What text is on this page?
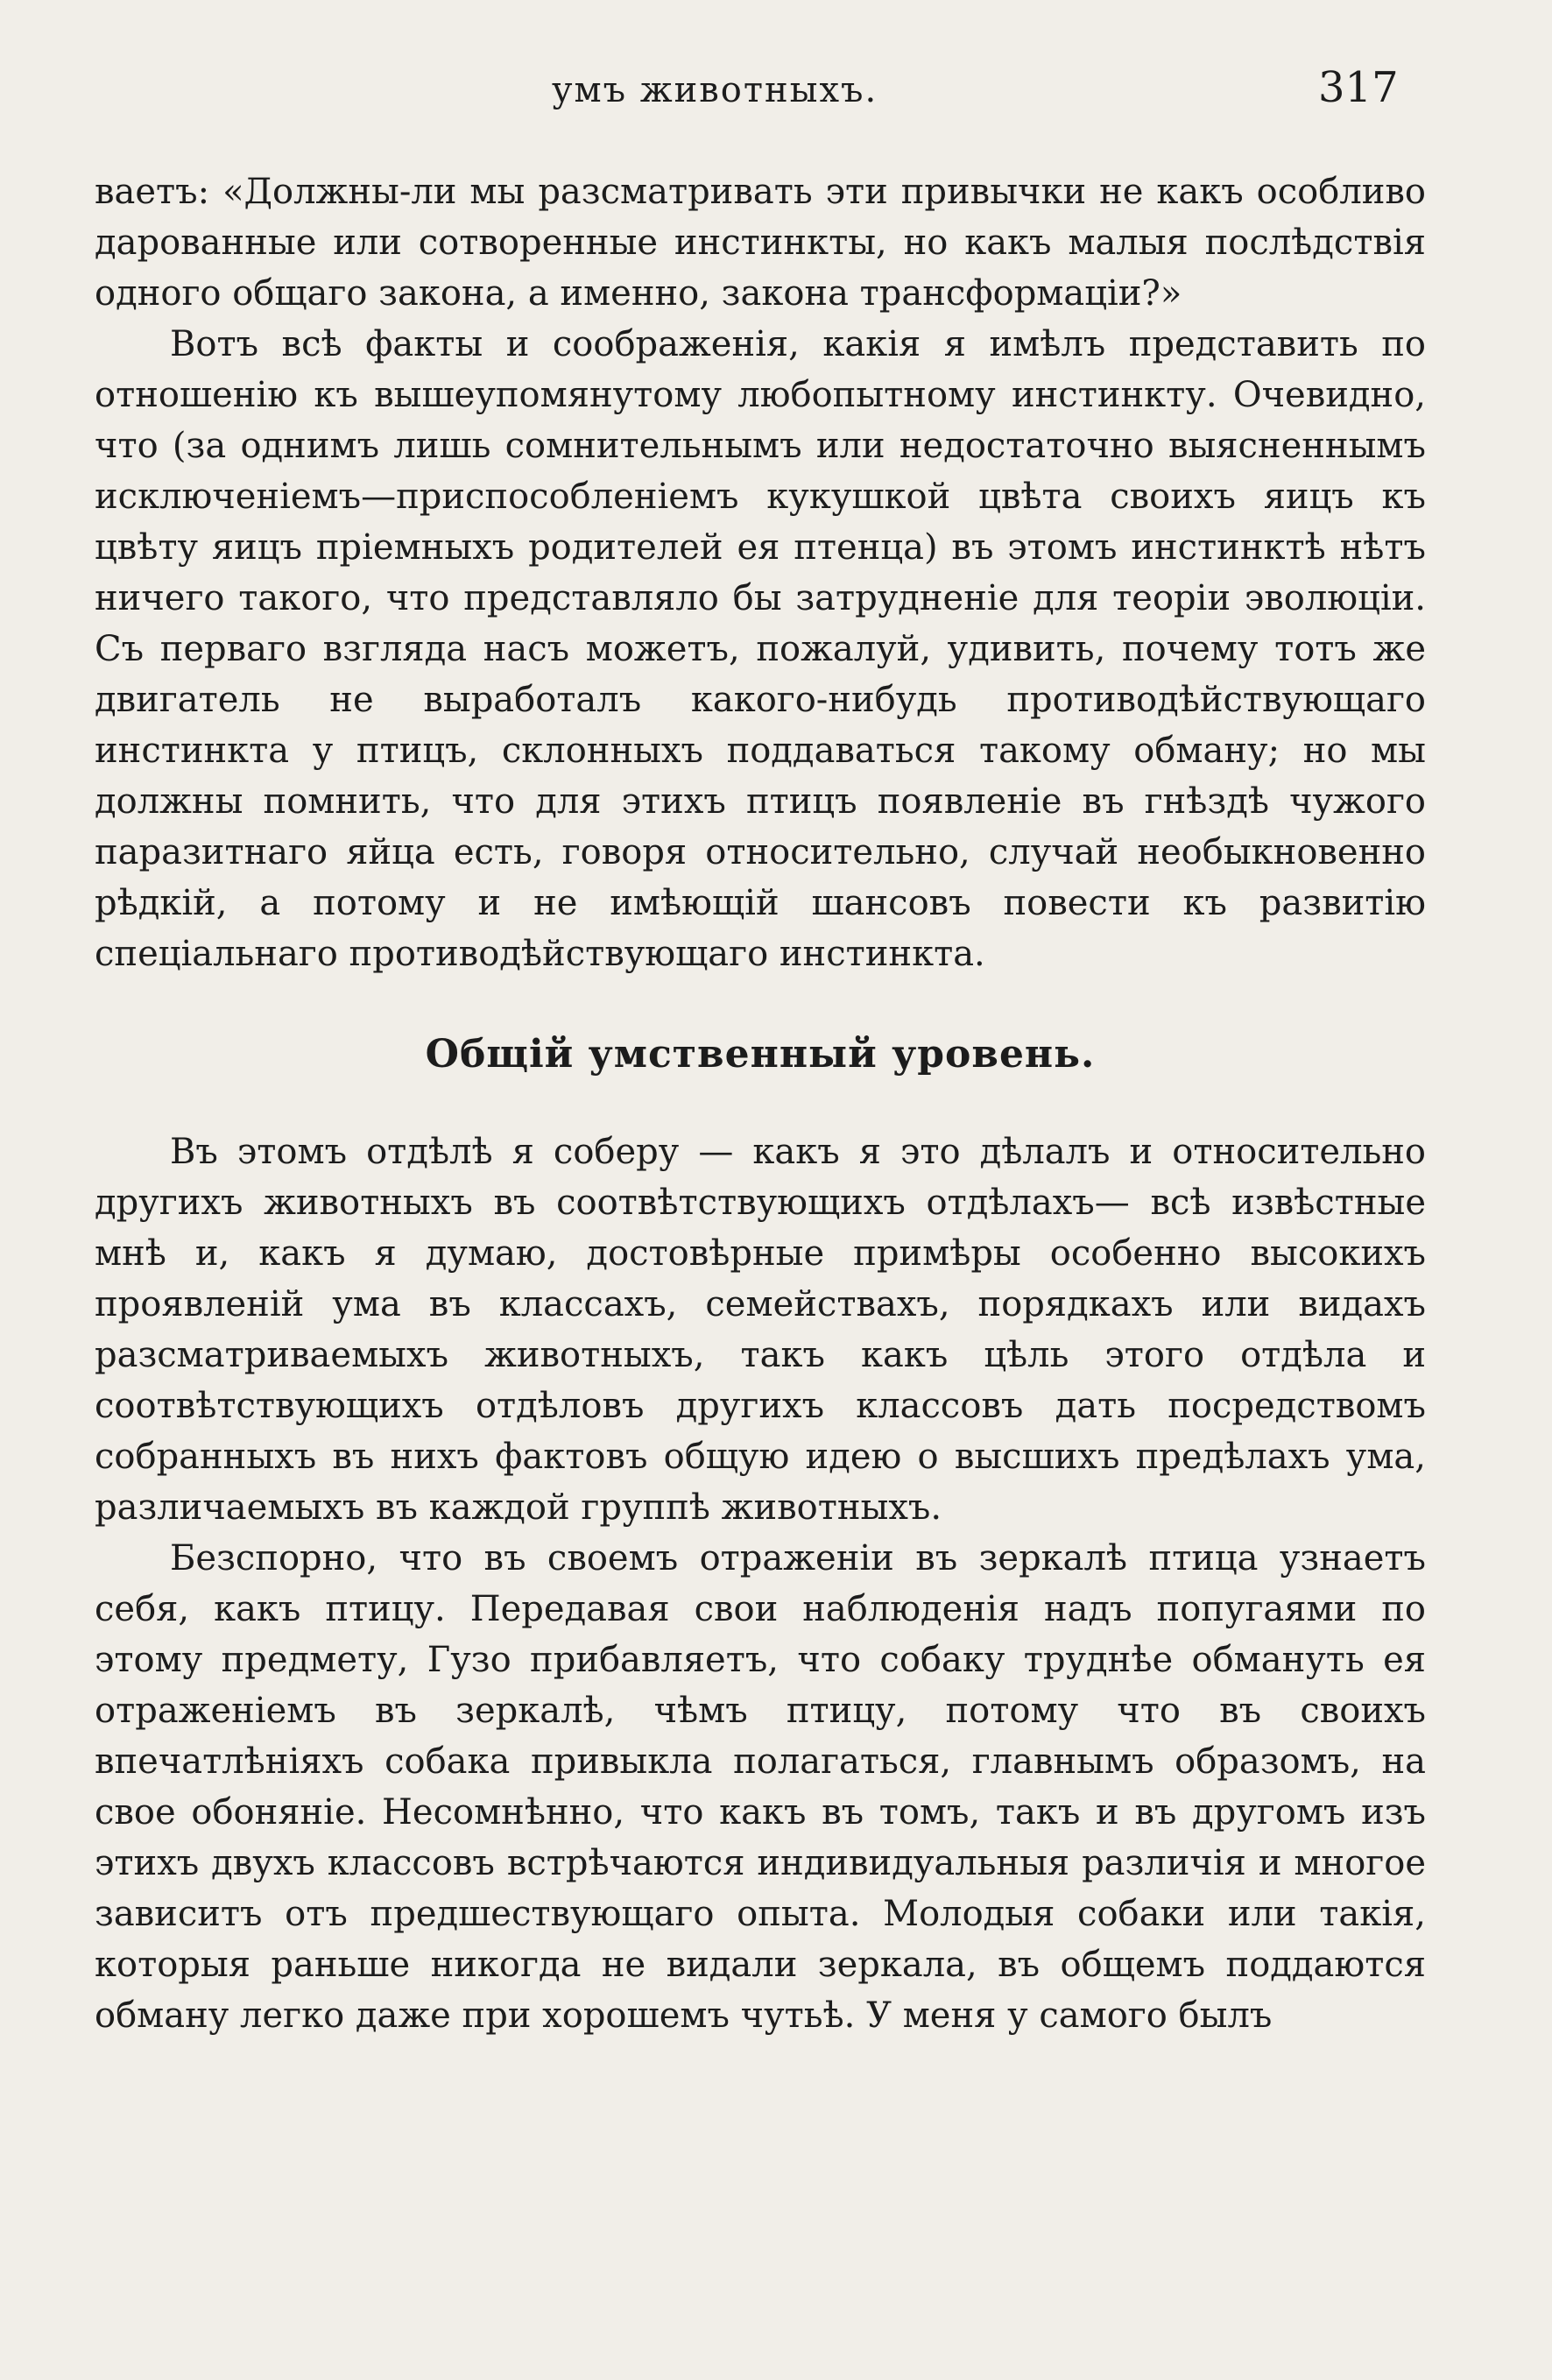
умъ животныхъ.	317

ваетъ: «Должны-ли мы разсматривать эти привычки не какъ особливо дарованные или сотворенные инстинкты, но какъ малыя послѣдствія одного общаго закона, а именно, закона трансформаціи?»

Вотъ всѣ факты и соображенія, какія я имѣлъ представить по отношенію къ вышеупомянутому любопытному инстинкту. Очевидно, что (за однимъ лишь сомнительнымъ или недостаточно выясненнымъ исключеніемъ—приспособленіемъ кукушкой цвѣта своихъ яицъ къ цвѣту яицъ пріемныхъ родителей ея птенца) въ этомъ инстинктѣ нѣтъ ничего такого, что представляло бы затрудненіе для теоріи эволюціи. Съ перваго взгляда насъ можетъ, пожалуй, удивить, почему тотъ же двигатель не выработалъ какого-нибудь противодѣйствующаго инстинкта у птицъ, склонныхъ поддаваться такому обману; но мы должны помнить, что для этихъ птицъ появленіе въ гнѣздѣ чужого паразитнаго яйца есть, говоря относительно, случай необыкновенно рѣдкій, а потому и не имѣющій шансовъ повести къ развитію спеціальнаго противодѣйствующаго инстинкта.

Общій умственный уровень.

Въ этомъ отдѣлѣ я соберу — какъ я это дѣлалъ и относительно другихъ животныхъ въ соотвѣтствующихъ отдѣлахъ— всѣ извѣстные мнѣ и, какъ я думаю, достовѣрные примѣры особенно высокихъ проявленій ума въ классахъ, семействахъ, порядкахъ или видахъ разсматриваемыхъ животныхъ, такъ какъ цѣль этого отдѣла и соотвѣтствующихъ отдѣловъ другихъ классовъ дать посредствомъ собранныхъ въ нихъ фактовъ общую идею о высшихъ предѣлахъ ума, различаемыхъ въ каждой группѣ животныхъ.

Безспорно, что въ своемъ отраженіи въ зеркалѣ птица узнаетъ себя, какъ птицу. Передавая свои наблюденія надъ попугаями по этому предмету, Гузо прибавляетъ, что собаку труднѣе обмануть ея отраженіемъ въ зеркалѣ, чѣмъ птицу, потому что въ своихъ впечатлѣніяхъ собака привыкла полагаться, главнымъ образомъ, на свое обоняніе. Несомнѣнно, что какъ въ томъ, такъ и въ другомъ изъ этихъ двухъ классовъ встрѣчаются индивидуальныя различія и многое зависитъ отъ предшествующаго опыта. Молодыя собаки или такія, которыя раньше никогда не видали зеркала, въ общемъ поддаются обману легко даже при хорошемъ чутьѣ. У меня у самого былъ
